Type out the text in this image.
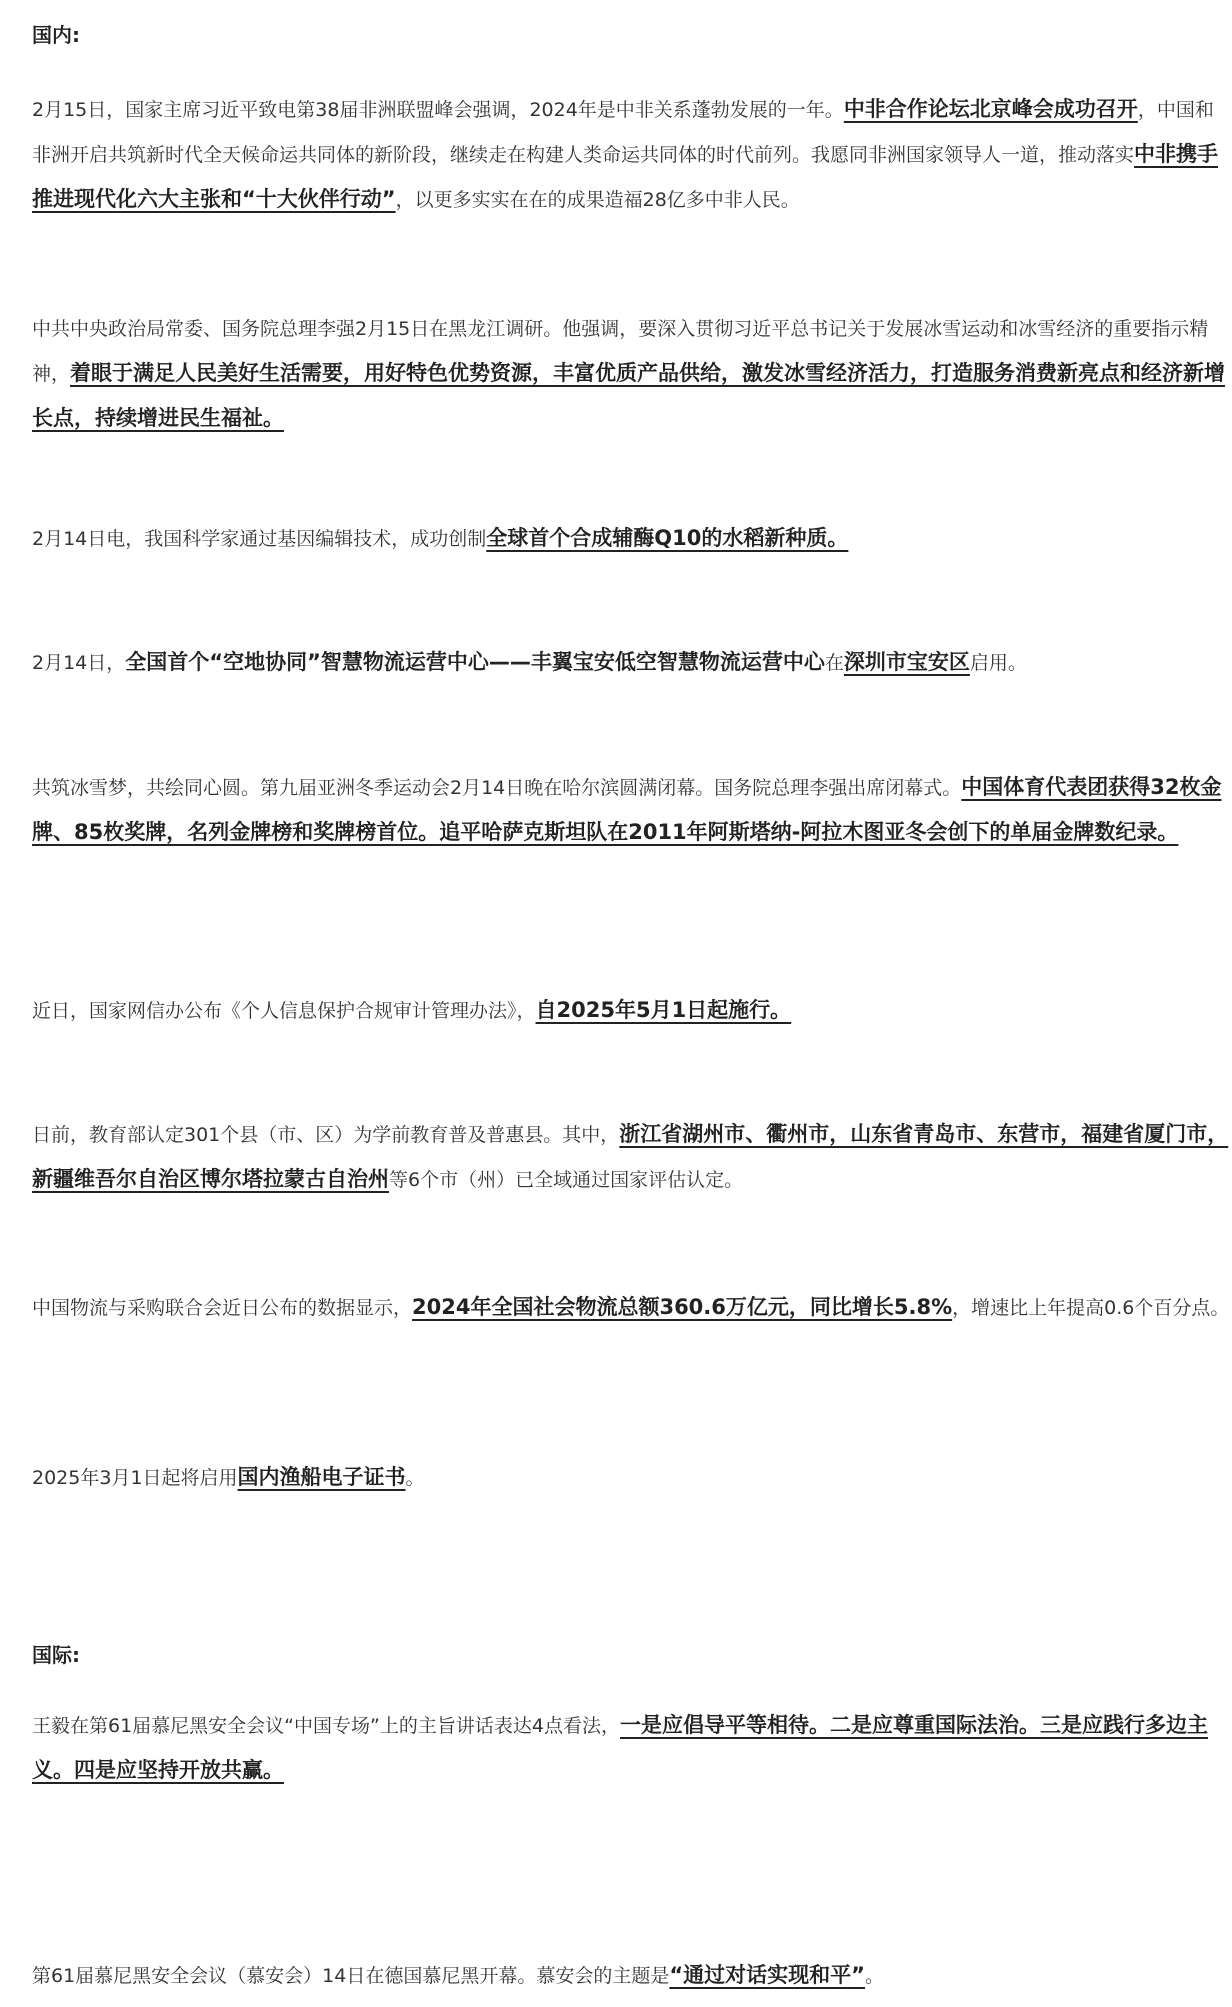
国内:

2月15日，国家主席习近平致电第38届非洲联盟峰会强调，2024年是中非关系蓬勃发展的一年。中非合作论坛北京峰会成功召开，中国和非洲开启共筑新时代全天候命运共同体的新阶段，继续走在构建人类命运共同体的时代前列。我愿同非洲国家领导人一道，推动落实中非携手推进现代化六大主张和“十大伙伴行动”，以更多实实在在的成果造福28亿多中非人民。

中共中央政治局常委、国务院总理李强2月15日在黑龙江调研。他强调，要深入贯彻习近平总书记关于发展冰雪运动和冰雪经济的重要指示精神，着眼于满足人民美好生活需要，用好特色优势资源，丰富优质产品供给，激发冰雪经济活力，打造服务消费新亮点和经济新增长点，持续增进民生福祉。

2月14日电，我国科学家通过基因编辑技术，成功创制全球首个合成辅酶Q10的水稻新种质。

2月14日，全国首个“空地协同”智慧物流运营中心——丰翼宝安低空智慧物流运营中心在深圳市宝安区启用。

共筑冰雪梦，共绘同心圆。第九届亚洲冬季运动会2月14日晚在哈尔滨圆满闭幕。国务院总理李强出席闭幕式。中国体育代表团获得32枚金牌、85枚奖牌，名列金牌榜和奖牌榜首位。追平哈萨克斯坦队在2011年阿斯塔纳-阿拉木图亚冬会创下的单届金牌数纪录。

近日，国家网信办公布《个人信息保护合规审计管理办法》，自2025年5月1日起施行。

日前，教育部认定301个县（市、区）为学前教育普及普惠县。其中，浙江省湖州市、衢州市，山东省青岛市、东营市，福建省厦门市，新疆维吾尔自治区博尔塔拉蒙古自治州等6个市（州）已全域通过国家评估认定。

中国物流与采购联合会近日公布的数据显示，2024年全国社会物流总额360.6万亿元，同比增长5.8%，增速比上年提高0.6个百分点。

2025年3月1日起将启用国内渔船电子证书。

国际:

王毅在第61届慕尼黑安全会议“中国专场”上的主旨讲话表达4点看法，一是应倡导平等相待。二是应尊重国际法治。三是应践行多边主义。四是应坚持开放共赢。

第61届慕尼黑安全会议（慕安会）14日在德国慕尼黑开幕。慕安会的主题是“通过对话实现和平”。
